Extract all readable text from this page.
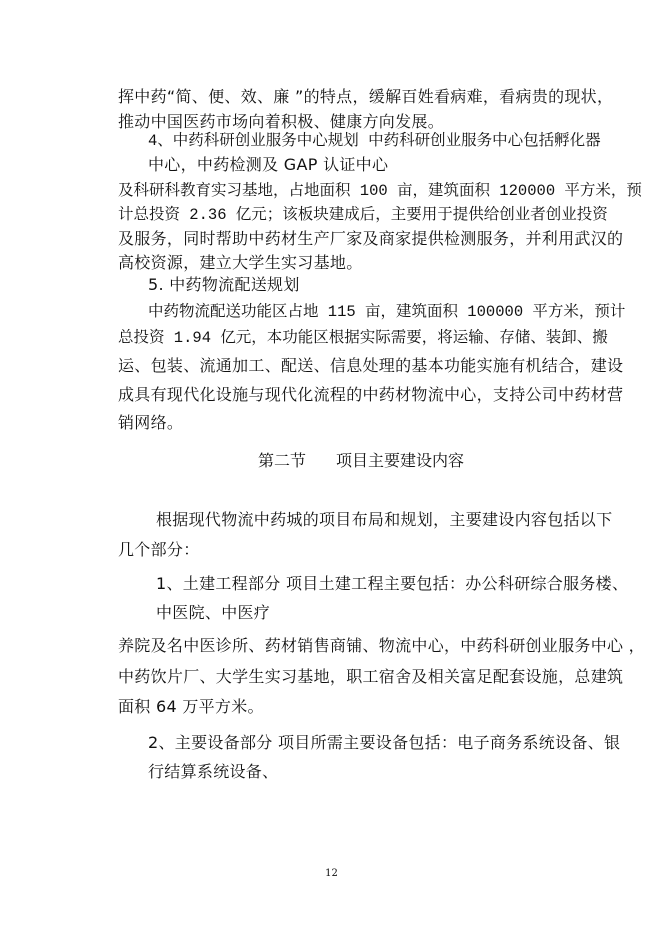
挥中药“简、便、效、廉 ”的特点，缓解百姓看病难，看病贵的现状，
推动中国医药市场向着积极、健康方向发展。
4、中药科研创业服务中心规划 中药科研创业服务中心包括孵化器
中心，中药检测及 GAP 认证中心
及科研科教育实习基地，占地面积 100 亩，建筑面积 120000 平方米，预
计总投资 2.36 亿元；该板块建成后，主要用于提供给创业者创业投资
及服务，同时帮助中药材生产厂家及商家提供检测服务，并利用武汉的
高校资源，建立大学生实习基地。
5. 中药物流配送规划
中药物流配送功能区占地 115 亩，建筑面积 100000 平方米，预计
总投资 1.94 亿元，本功能区根据实际需要，将运输、存储、装卸、搬
运、包装、流通加工、配送、信息处理的基本功能实施有机结合，建设
成具有现代化设施与现代化流程的中药材物流中心，支持公司中药材营
销网络。
第二节 项目主要建设内容
根据现代物流中药城的项目布局和规划，主要建设内容包括以下
几个部分：
1、土建工程部分 项目土建工程主要包括：办公科研综合服务楼、
中医院、中医疗
养院及名中医诊所、药材销售商铺、物流中心，中药科研创业服务中心 ，
中药饮片厂、大学生实习基地，职工宿舍及相关富足配套设施，总建筑
面积 64 万平方米。
2、主要设备部分 项目所需主要设备包括：电子商务系统设备、银
行结算系统设备、
12
